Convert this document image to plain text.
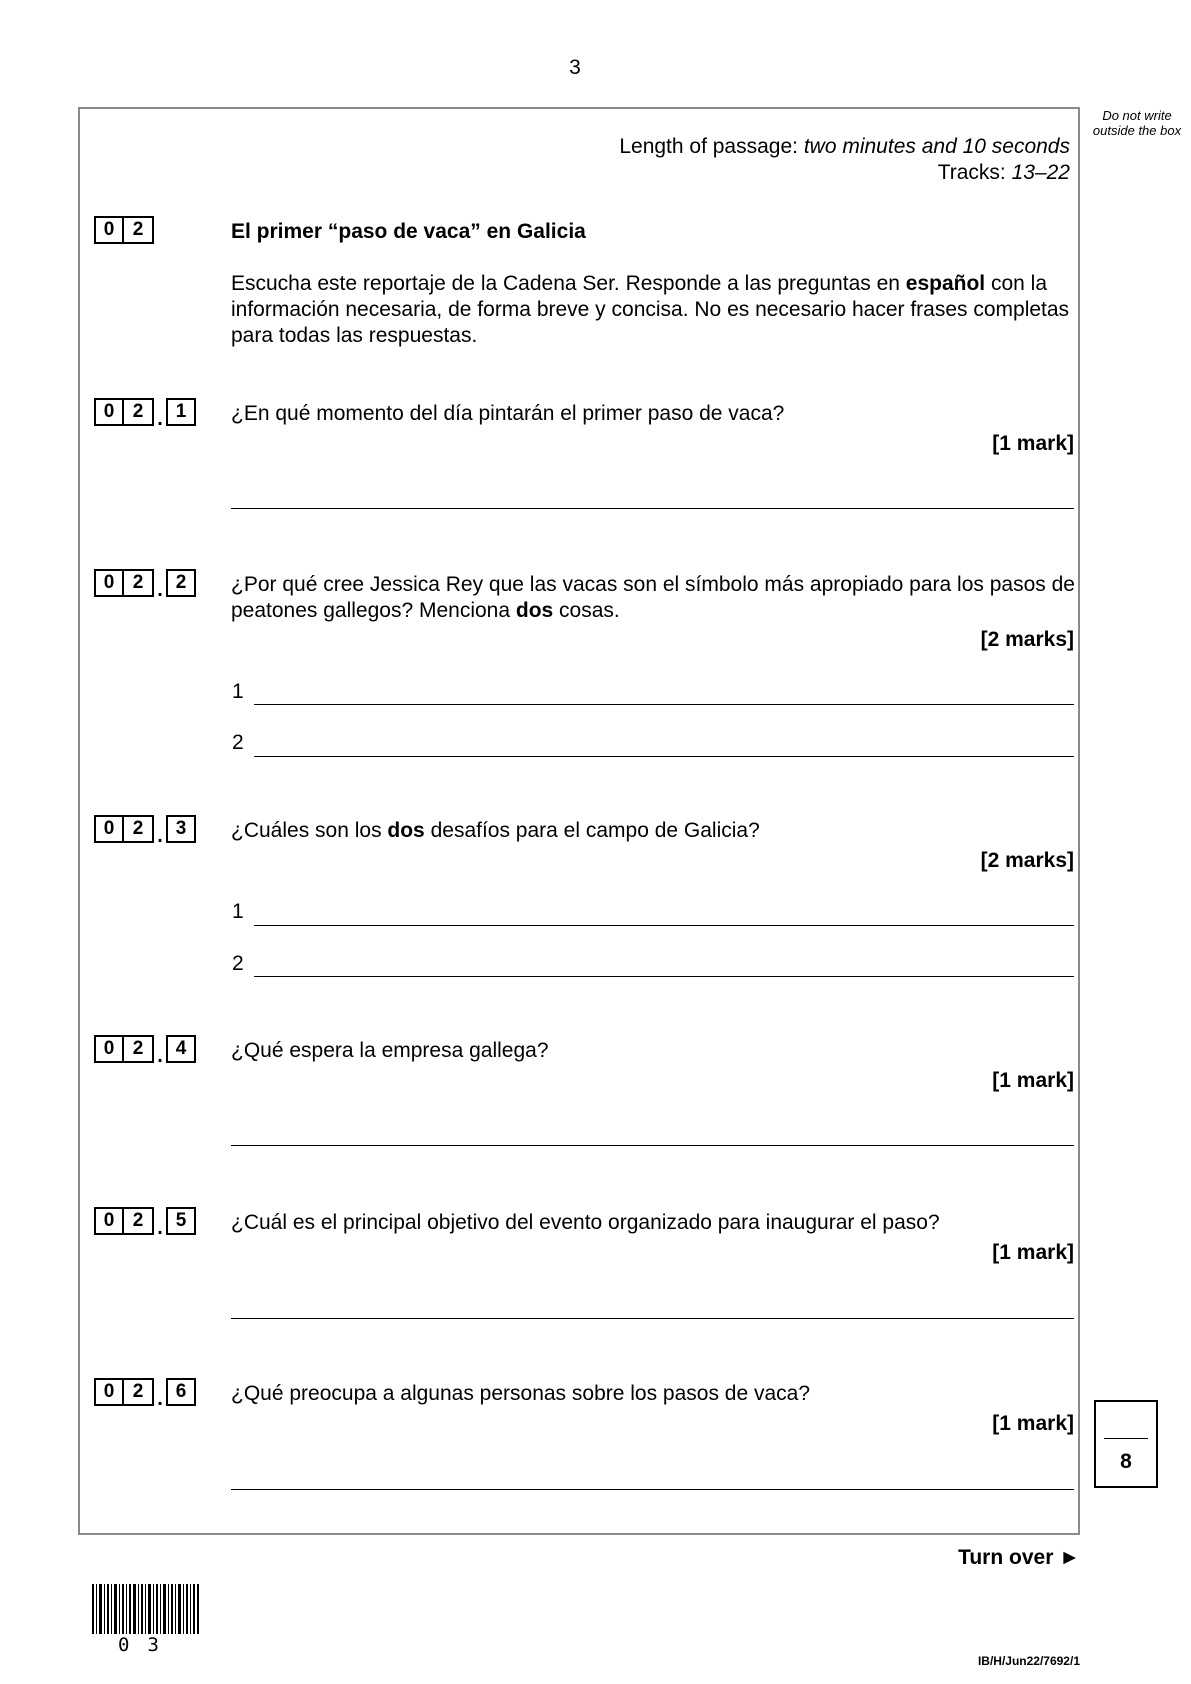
3
Do not write outside the box
Length of passage: two minutes and 10 seconds
Tracks: 13–22
0 2	El primer “paso de vaca” en Galicia
Escucha este reportaje de la Cadena Ser. Responde a las preguntas en español con la información necesaria, de forma breve y concisa. No es necesario hacer frases completas para todas las respuestas.
0 2 . 1	¿En qué momento del día pintarán el primer paso de vaca?
[1 mark]
0 2 . 2	¿Por qué cree Jessica Rey que las vacas son el símbolo más apropiado para los pasos de peatones gallegos? Menciona dos cosas.
[2 marks]
1
2
0 2 . 3	¿Cuáles son los dos desafíos para el campo de Galicia?
[2 marks]
1
2
0 2 . 4	¿Qué espera la empresa gallega?
[1 mark]
0 2 . 5	¿Cuál es el principal objetivo del evento organizado para inaugurar el paso?
[1 mark]
0 2 . 6	¿Qué preocupa a algunas personas sobre los pasos de vaca?
[1 mark]
8
Turn over ►
03
IB/H/Jun22/7692/1
